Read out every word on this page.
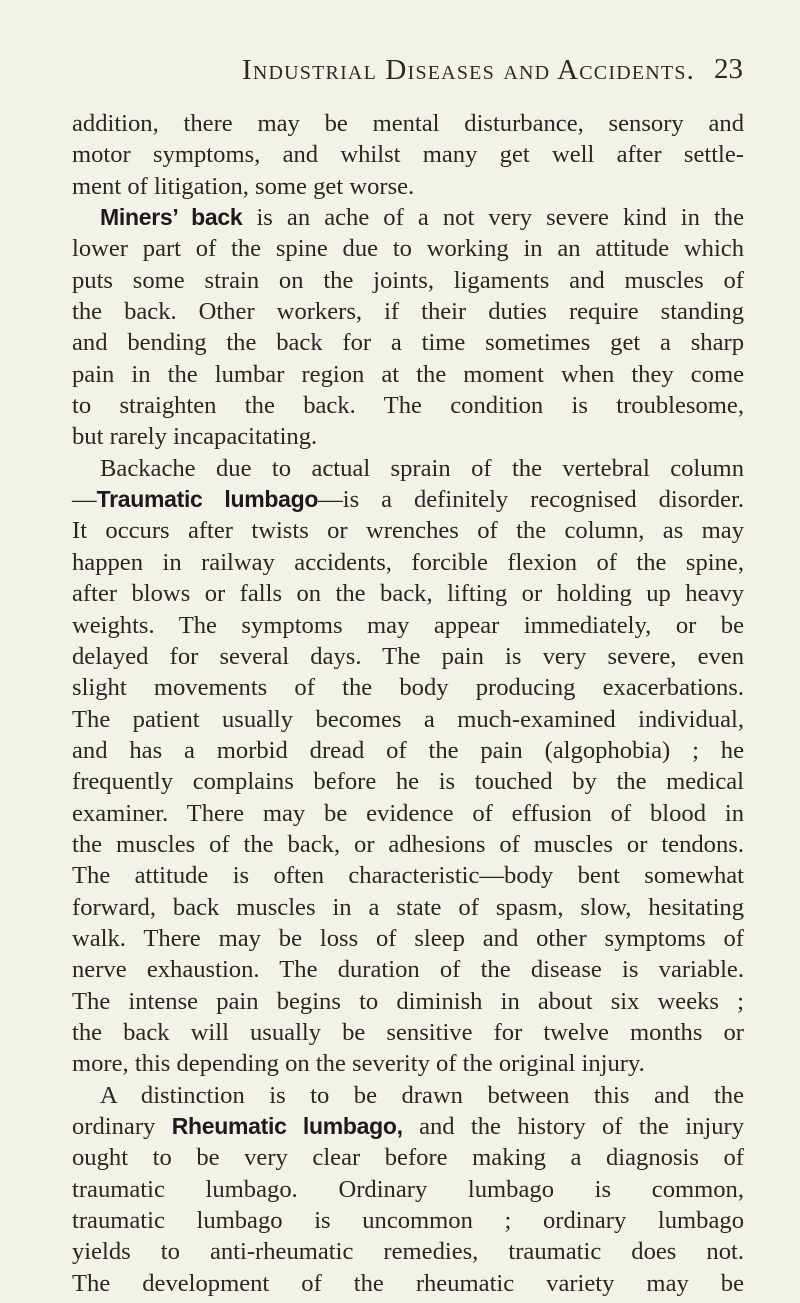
Industrial Diseases and Accidents. 23
addition, there may be mental disturbance, sensory and
motor symptoms, and whilst many get well after settle-
ment of litigation, some get worse.
Miners’ back is an ache of a not very severe kind in the
lower part of the spine due to working in an attitude which
puts some strain on the joints, ligaments and muscles of
the back. Other workers, if their duties require standing
and bending the back for a time sometimes get a sharp
pain in the lumbar region at the moment when they come
to straighten the back. The condition is troublesome,
but rarely incapacitating.
Backache due to actual sprain of the vertebral column
—Traumatic lumbago—is a definitely recognised disorder.
It occurs after twists or wrenches of the column, as may
happen in railway accidents, forcible flexion of the spine,
after blows or falls on the back, lifting or holding up heavy
weights. The symptoms may appear immediately, or be
delayed for several days. The pain is very severe, even
slight movements of the body producing exacerbations.
The patient usually becomes a much-examined individual,
and has a morbid dread of the pain (algophobia) ; he
frequently complains before he is touched by the medical
examiner. There may be evidence of effusion of blood in
the muscles of the back, or adhesions of muscles or tendons.
The attitude is often characteristic—body bent somewhat
forward, back muscles in a state of spasm, slow, hesitating
walk. There may be loss of sleep and other symptoms of
nerve exhaustion. The duration of the disease is variable.
The intense pain begins to diminish in about six weeks ;
the back will usually be sensitive for twelve months or
more, this depending on the severity of the original injury.
A distinction is to be drawn between this and the
ordinary Rheumatic lumbago, and the history of the injury
ought to be very clear before making a diagnosis of
traumatic lumbago. Ordinary lumbago is common,
traumatic lumbago is uncommon ; ordinary lumbago
yields to anti-rheumatic remedies, traumatic does not.
The development of the rheumatic variety may be
